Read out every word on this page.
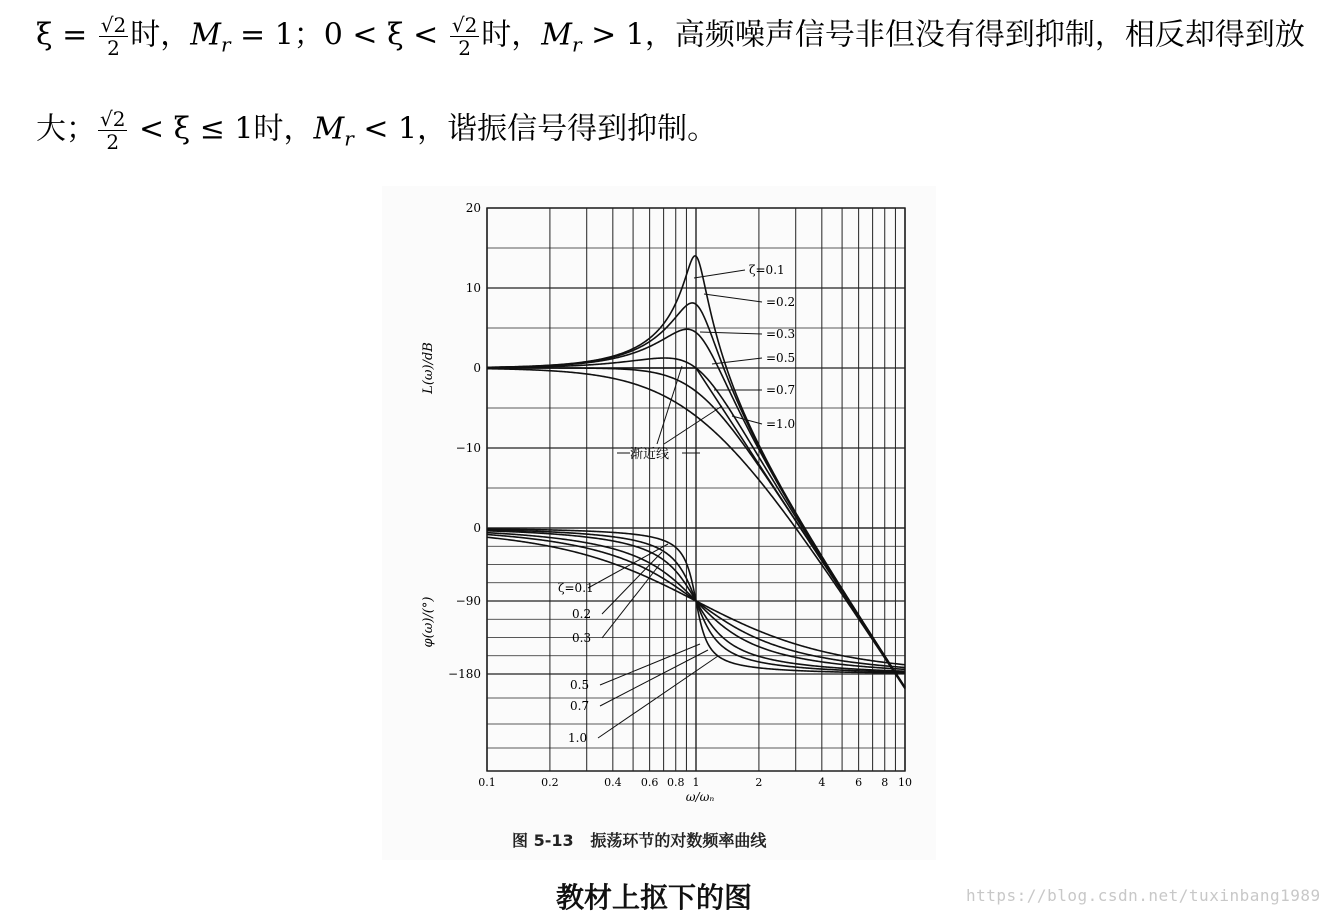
$\xi = \frac{√2}{2}$ 时，$M_r = 1$；$0 < \xi < \frac{√2}{2}$ 时，$M_r > 1$，高频噪声信号非但没有得到抑制，相反却得到放
大； $\frac{√2}{2} < \xi \le 1$时，$M_r < 1$，谐振信号得到抑制。
20
10
0
−10
0
−90
−180
0.1	0.2	0.4 0.6 0.8 1	2	4	6 8 10
ζ=0.1
=0.2
=0.3
=0.5
=0.7
=1.0
渐近线
ζ=0.1
0.2
0.3
0.5
0.7
1.0
L(ω)/dB
φ(ω)/(°)
ω/ωₙ
图 5-13   振荡环节的对数频率曲线
教材上抠下的图	https://blog.csdn.net/tuxinbang1989
